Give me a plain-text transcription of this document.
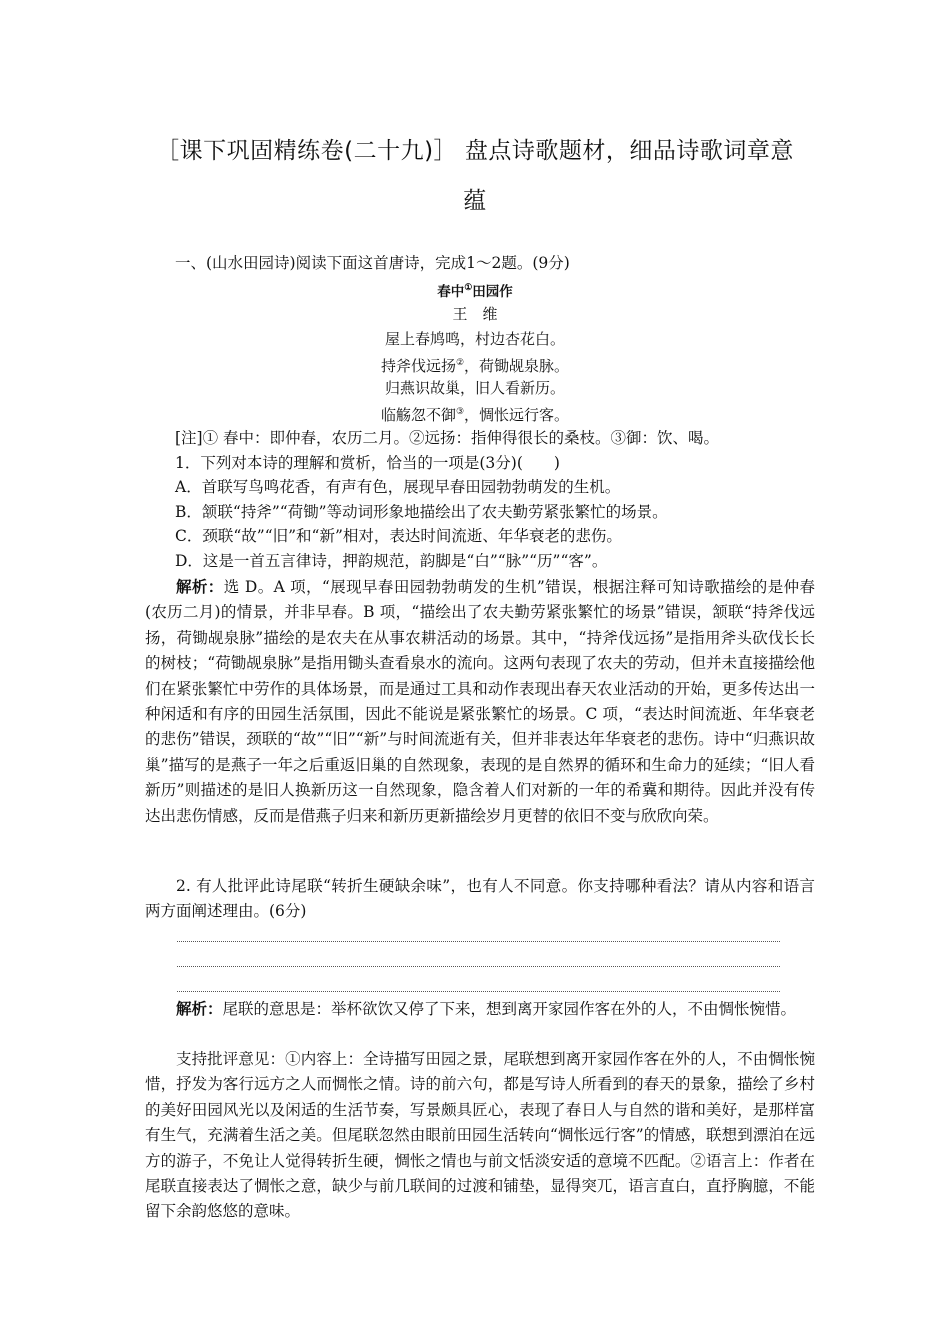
［课下巩固精练卷(二十九)］ 盘点诗歌题材，细品诗歌词章意
蕴
一、(山水田园诗)阅读下面这首唐诗，完成1～2题。(9分)
春中①田园作
王　维
屋上春鸠鸣，村边杏花白。
持斧伐远扬②，荷锄觇泉脉。
归燕识故巢，旧人看新历。
临觞忽不御③，惆怅远行客。
[注]① 春中：即仲春，农历二月。②远扬：指伸得很长的桑枝。③御：饮、喝。
1．下列对本诗的理解和赏析，恰当的一项是(3分)(　　)
A．首联写鸟鸣花香，有声有色，展现早春田园勃勃萌发的生机。
B．颔联“持斧”“荷锄”等动词形象地描绘出了农夫勤劳紧张繁忙的场景。
C．颈联“故”“旧”和“新”相对，表达时间流逝、年华衰老的悲伤。
D．这是一首五言律诗，押韵规范，韵脚是“白”“脉”“历”“客”。
解析：选 D。A 项，“展现早春田园勃勃萌发的生机”错误，根据注释可知诗歌描绘的是仲春(农历二月)的情景，并非早春。B 项，“描绘出了农夫勤劳紧张繁忙的场景”错误，颔联“持斧伐远扬，荷锄觇泉脉”描绘的是农夫在从事农耕活动的场景。其中，“持斧伐远扬”是指用斧头砍伐长长的树枝；“荷锄觇泉脉”是指用锄头查看泉水的流向。这两句表现了农夫的劳动，但并未直接描绘他们在紧张繁忙中劳作的具体场景，而是通过工具和动作表现出春天农业活动的开始，更多传达出一种闲适和有序的田园生活氛围，因此不能说是紧张繁忙的场景。C 项，“表达时间流逝、年华衰老的悲伤”错误，颈联的“故”“旧”“新”与时间流逝有关，但并非表达年华衰老的悲伤。诗中“归燕识故巢”描写的是燕子一年之后重返旧巢的自然现象，表现的是自然界的循环和生命力的延续；“旧人看新历”则描述的是旧人换新历这一自然现象，隐含着人们对新的一年的希冀和期待。因此并没有传达出悲伤情感，反而是借燕子归来和新历更新描绘岁月更替的依旧不变与欣欣向荣。
2. 有人批评此诗尾联“转折生硬缺余味”，也有人不同意。你支持哪种看法？请从内容和语言两方面阐述理由。(6分)
解析：尾联的意思是：举杯欲饮又停了下来，想到离开家园作客在外的人，不由惆怅惋惜。
支持批评意见：①内容上：全诗描写田园之景，尾联想到离开家园作客在外的人，不由惆怅惋惜，抒发为客行远方之人而惆怅之情。诗的前六句，都是写诗人所看到的春天的景象，描绘了乡村的美好田园风光以及闲适的生活节奏，写景颇具匠心，表现了春日人与自然的谐和美好，是那样富有生气，充满着生活之美。但尾联忽然由眼前田园生活转向“惆怅远行客”的情感，联想到漂泊在远方的游子，不免让人觉得转折生硬，惆怅之情也与前文恬淡安适的意境不匹配。②语言上：作者在尾联直接表达了惆怅之意，缺少与前几联间的过渡和铺垫，显得突兀，语言直白，直抒胸臆，不能留下余韵悠悠的意味。
